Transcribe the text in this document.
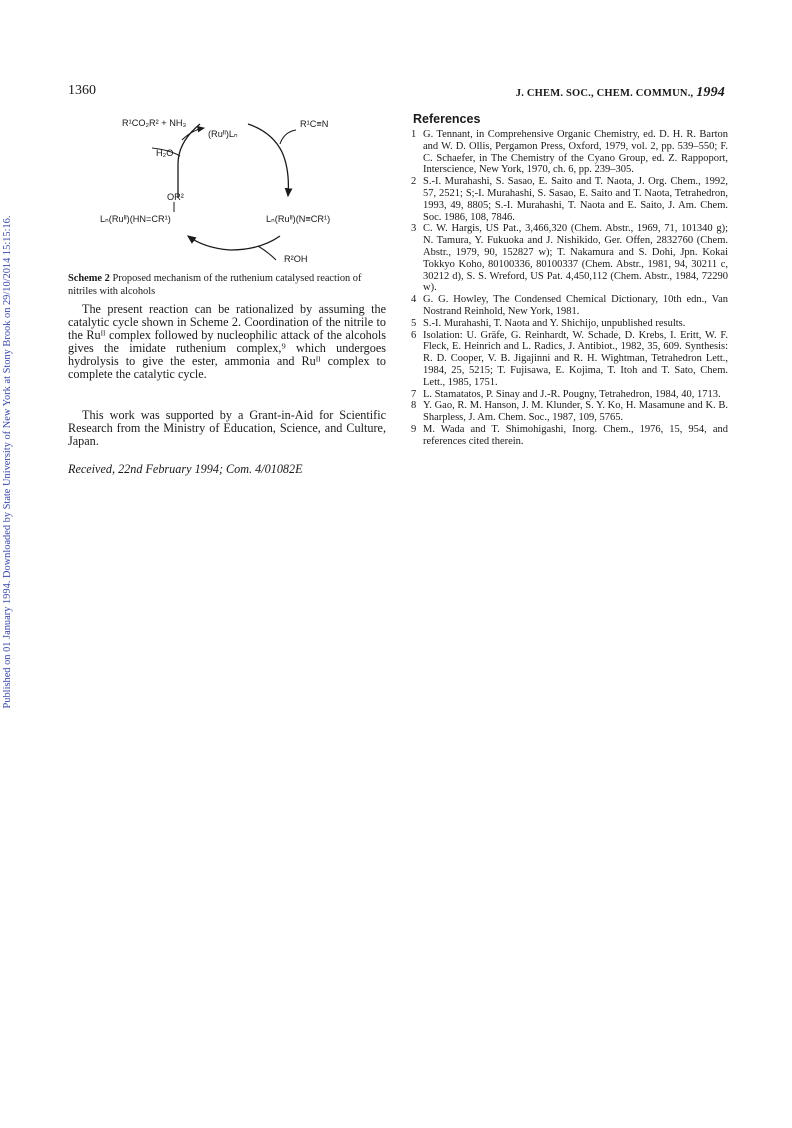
Published on 01 January 1994. Downloaded by State University of New York at Stony Brook on 29/10/2014 15:15:16.
1360	J. CHEM. SOC., CHEM. COMMUN., 1994
R¹CO₂R² + NH₃
H₂O
(Ruᴵᴵ)Lₙ
R¹C≡N
OR²
Lₙ(Ruᴵᴵ)(HN=CR¹)	Lₙ(Ruᴵᴵ)(N≡CR¹)
R²OH
Scheme 2 Proposed mechanism of the ruthenium catalysed reaction of nitriles with alcohols
The present reaction can be rationalized by assuming the catalytic cycle shown in Scheme 2. Coordination of the nitrile to the Ruᴵᴵ complex followed by nucleophilic attack of the alcohols gives the imidate ruthenium complex,⁹ which undergoes hydrolysis to give the ester, ammonia and Ruᴵᴵ complex to complete the catalytic cycle.
This work was supported by a Grant-in-Aid for Scientific Research from the Ministry of Education, Science, and Culture, Japan.
Received, 22nd February 1994; Com. 4/01082E
References
1 G. Tennant, in Comprehensive Organic Chemistry, ed. D. H. R. Barton and W. D. Ollis, Pergamon Press, Oxford, 1979, vol. 2, pp. 539–550; F. C. Schaefer, in The Chemistry of the Cyano Group, ed. Z. Rappoport, Interscience, New York, 1970, ch. 6, pp. 239–305.
2 S.-I. Murahashi, S. Sasao, E. Saito and T. Naota, J. Org. Chem., 1992, 57, 2521; S;-I. Murahashi, S. Sasao, E. Saito and T. Naota, Tetrahedron, 1993, 49, 8805; S.-I. Murahashi, T. Naota and E. Saito, J. Am. Chem. Soc. 1986, 108, 7846.
3 C. W. Hargis, US Pat., 3,466,320 (Chem. Abstr., 1969, 71, 101340 g); N. Tamura, Y. Fukuoka and J. Nishikido, Ger. Offen, 2832760 (Chem. Abstr., 1979, 90, 152827 w); T. Nakamura and S. Dohi, Jpn. Kokai Tokkyo Koho, 80100336, 80100337 (Chem. Abstr., 1981, 94, 30211 c, 30212 d), S. S. Wreford, US Pat. 4,450,112 (Chem. Abstr., 1984, 72290 w).
4 G. G. Howley, The Condensed Chemical Dictionary, 10th edn., Van Nostrand Reinhold, New York, 1981.
5 S.-I. Murahashi, T. Naota and Y. Shichijo, unpublished results.
6 Isolation: U. Gräfe, G. Reinhardt, W. Schade, D. Krebs, I. Eritt, W. F. Fleck, E. Heinrich and L. Radics, J. Antibiot., 1982, 35, 609. Synthesis: R. D. Cooper, V. B. Jigajinni and R. H. Wightman, Tetrahedron Lett., 1984, 25, 5215; T. Fujisawa, E. Kojima, T. Itoh and T. Sato, Chem. Lett., 1985, 1751.
7 L. Stamatatos, P. Sinay and J.-R. Pougny, Tetrahedron, 1984, 40, 1713.
8 Y. Gao, R. M. Hanson, J. M. Klunder, S. Y. Ko, H. Masamune and K. B. Sharpless, J. Am. Chem. Soc., 1987, 109, 5765.
9 M. Wada and T. Shimohigashi, Inorg. Chem., 1976, 15, 954, and references cited therein.
